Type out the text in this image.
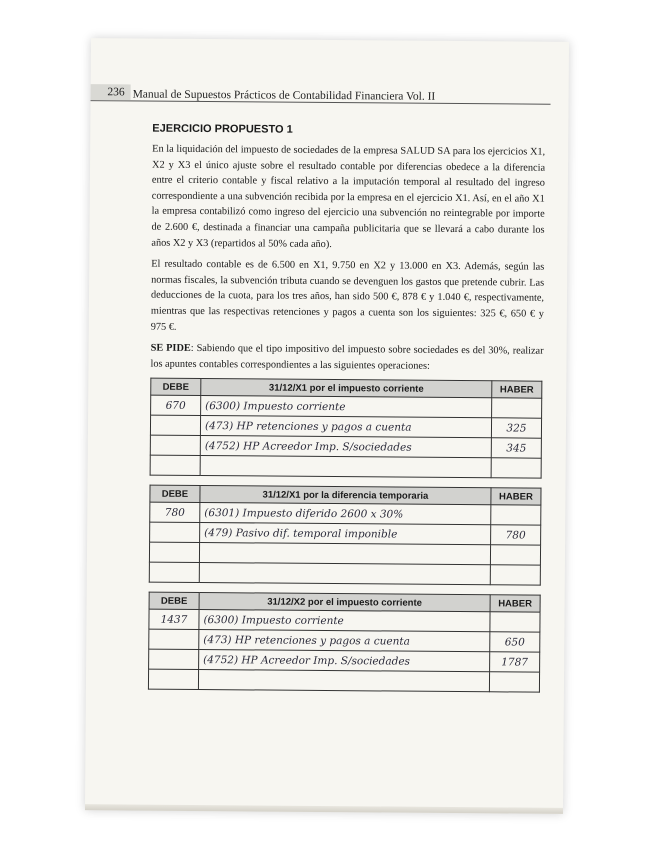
236 Manual de Supuestos Prácticos de Contabilidad Financiera Vol. II

EJERCICIO PROPUESTO 1

En la liquidación del impuesto de sociedades de la empresa SALUD SA para los ejercicios X1, X2 y X3 el único ajuste sobre el resultado contable por diferencias obedece a la diferencia entre el criterio contable y fiscal relativo a la imputación temporal al resultado del ingreso correspondiente a una subvención recibida por la empresa en el ejercicio X1. Así, en el año X1 la empresa contabilizó como ingreso del ejercicio una subvención no reintegrable por importe de 2.600 €, destinada a financiar una campaña publicitaria que se llevará a cabo durante los años X2 y X3 (repartidos al 50% cada año).

El resultado contable es de 6.500 en X1, 9.750 en X2 y 13.000 en X3. Además, según las normas fiscales, la subvención tributa cuando se devenguen los gastos que pretende cubrir. Las deducciones de la cuota, para los tres años, han sido 500 €, 878 € y 1.040 €, respectivamente, mientras que las respectivas retenciones y pagos a cuenta son los siguientes: 325 €, 650 € y 975 €.

SE PIDE: Sabiendo que el tipo impositivo del impuesto sobre sociedades es del 30%, realizar los apuntes contables correspondientes a las siguientes operaciones:

DEBE	31/12/X1 por el impuesto corriente	HABER
670	(6300) Impuesto corriente	
	(473) HP retenciones y pagos a cuenta	325
	(4752) HP Acreedor Imp. S/sociedades	345

DEBE	31/12/X1 por la diferencia temporaria	HABER
780	(6301) Impuesto diferido 2600 x 30%	
	(479) Pasivo dif. temporal imponible	780

DEBE	31/12/X2 por el impuesto corriente	HABER
1437	(6300) Impuesto corriente	
	(473) HP retenciones y pagos a cuenta	650
	(4752) HP Acreedor Imp. S/sociedades	1787
